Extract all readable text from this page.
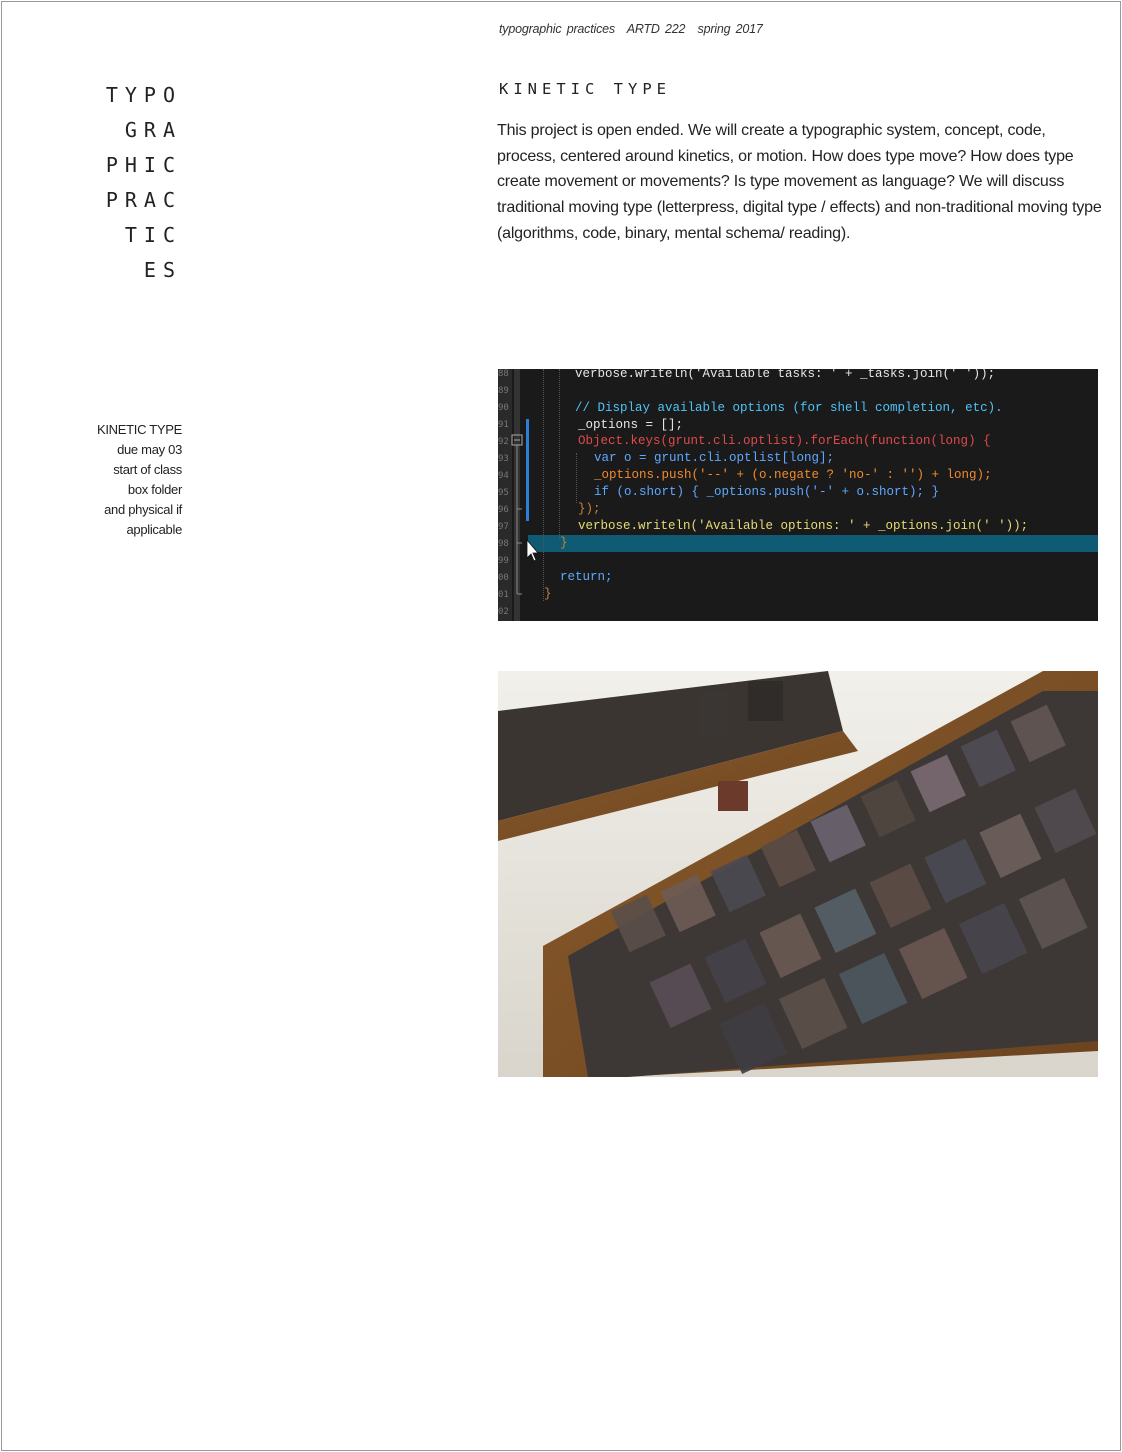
typographic practices ARTD 222 spring 2017
TYPO
GRA
PHIC
PRAC
TIC
ES
KINETIC TYPE
due may 03
start of class
box folder
and physical if
applicable
KINETIC TYPE
This project is open ended. We will create a typographic system, concept, code, process, centered around kinetics, or motion. How does type move? How does type create movement or movements? Is type movement as language? We will discuss traditional moving type (letterpress, digital type / effects) and non-traditional moving type (algorithms, code, binary, mental schema/ reading).
88
89
90
91
92
93
94
95
96
97
98
99
00
01
02

verbose.writeln('Available tasks: ' + _tasks.join(' '));

// Display available options (for shell completion, etc).

_options = [];

Object.keys(grunt.cli.optlist).forEach(function(long) {

var o = grunt.cli.optlist[long];

_options.push('--' + (o.negate ? 'no-' : '') + long);

if (o.short) { _options.push('-' + o.short); }

});

verbose.writeln('Available options: ' + _options.join(' '));

}

return;

}
